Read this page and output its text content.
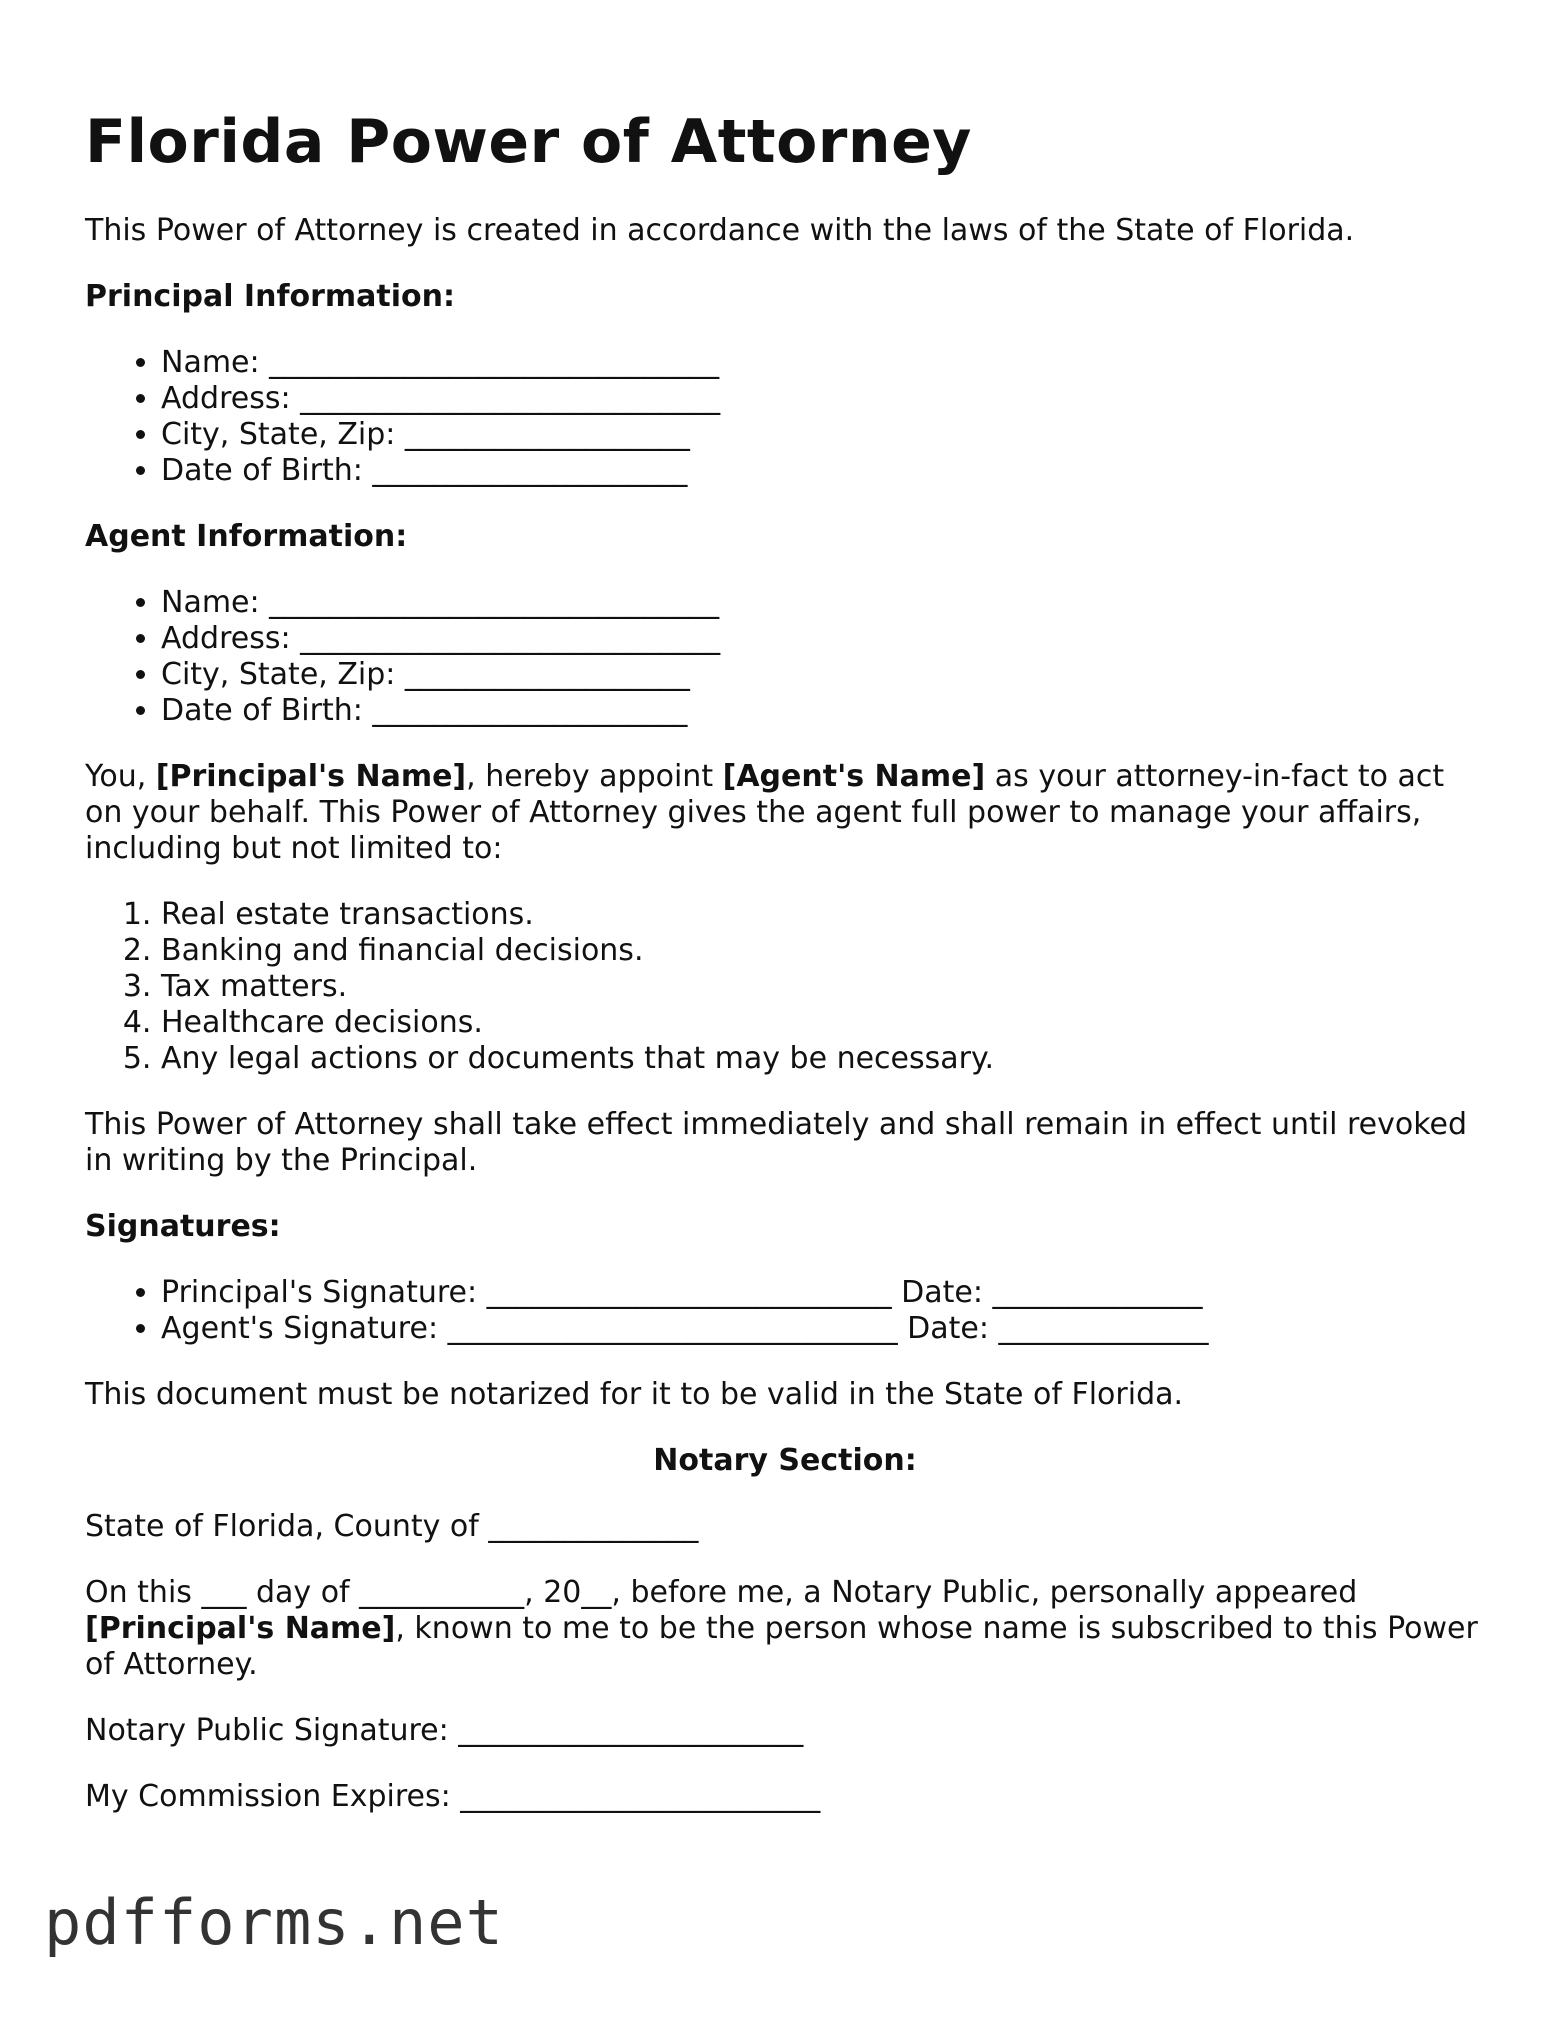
Florida Power of Attorney

This Power of Attorney is created in accordance with the laws of the State of Florida.

Principal Information:
• Name: ______________________________
• Address: ____________________________
• City, State, Zip: ___________________
• Date of Birth: _____________________
Agent Information:
• Name: ______________________________
• Address: ____________________________
• City, State, Zip: ___________________
• Date of Birth: _____________________

You, [Principal's Name], hereby appoint [Agent's Name] as your attorney-in-fact to act on your behalf. This Power of Attorney gives the agent full power to manage your affairs, including but not limited to:

1. Real estate transactions.
2. Banking and financial decisions.
3. Tax matters.
4. Healthcare decisions.
5. Any legal actions or documents that may be necessary.

This Power of Attorney shall take effect immediately and shall remain in effect until revoked in writing by the Principal.

Signatures:
• Principal's Signature: ___________________________ Date: ______________
• Agent's Signature: ______________________________ Date: ______________

This document must be notarized for it to be valid in the State of Florida.

Notary Section:

State of Florida, County of ______________

On this ___ day of ___________, 20__, before me, a Notary Public, personally appeared [Principal's Name], known to me to be the person whose name is subscribed to this Power of Attorney.

Notary Public Signature: _______________________

My Commission Expires: ________________________

pdfforms.net
